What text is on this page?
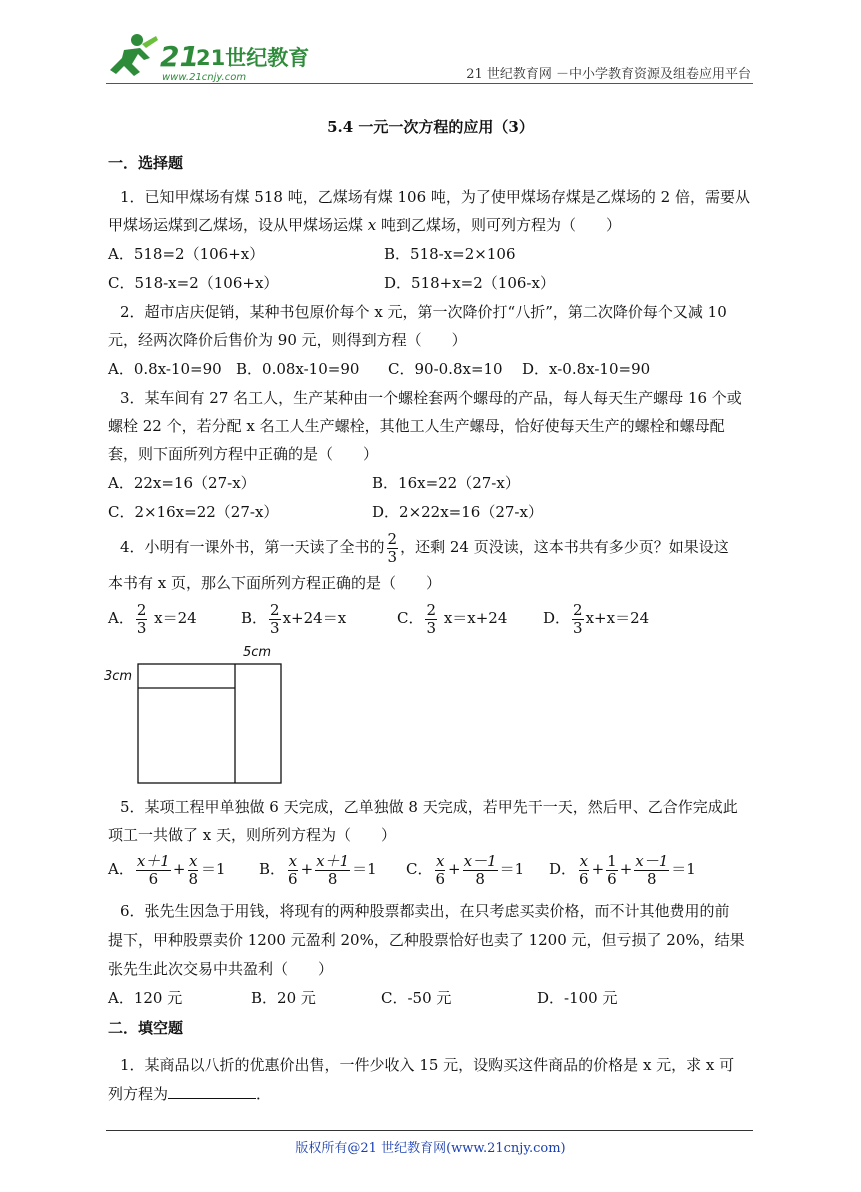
21
21世纪教育
www.21cnjy.com	21 世纪教育网 －中小学教育资源及组卷应用平台
5.4 一元一次方程的应用（3）
一．选择题
1．已知甲煤场有煤 518 吨，乙煤场有煤 106 吨，为了使甲煤场存煤是乙煤场的 2 倍，需要从
甲煤场运煤到乙煤场，设从甲煤场运煤 x 吨到乙煤场，则可列方程为（　　）
A．518=2（106+x）	B．518-x=2×106
C．518-x=2（106+x）	D．518+x=2（106-x）
2．超市店庆促销，某种书包原价每个 x 元，第一次降价打“八折”，第二次降价每个又减 10
元，经两次降价后售价为 90 元，则得到方程（　　）
A．0.8x-10=90 B．0.08x-10=90 C．90-0.8x=10 D．x-0.8x-10=90
3．某车间有 27 名工人，生产某种由一个螺栓套两个螺母的产品，每人每天生产螺母 16 个或
螺栓 22 个，若分配 x 名工人生产螺栓，其他工人生产螺母，恰好使每天生产的螺栓和螺母配
套，则下面所列方程中正确的是（　　）
A．22x=16（27-x）	B．16x=22（27-x）
C．2×16x=22（27-x）	D．2×22x=16（27-x）
4．小明有一课外书，第一天读了全书的 $\frac{2}{3}$ ，还剩 24 页没读，这本书共有多少页？如果设这
本书有 x 页，那么下面所列方程正确的是（　　）
A． $\frac{2}{3} x=24$	B． $\frac{2}{3} x+24=x$	C． $\frac{2}{3} x=x+24$ D． $\frac{2}{3} x+x=24$
5cm
3cm
5．某项工程甲单独做 6 天完成，乙单独做 8 天完成，若甲先干一天，然后甲、乙合作完成此
项工一共做了 x 天，则所列方程为（　　）
A． $\frac{x+1}{6} + \frac{x}{8} =1$ B． $\frac{x}{6} + \frac{x+1}{8} =1$ C． $\frac{x}{6} + \frac{x-1}{8} =1$ D． $\frac{x}{6} + \frac{1}{6} + \frac{x-1}{8} =1$
6．张先生因急于用钱，将现有的两种股票都卖出，在只考虑买卖价格，而不计其他费用的前
提下，甲种股票卖价 1200 元盈利 20%，乙种股票恰好也卖了 1200 元，但亏损了 20%，结果
张先生此次交易中共盈利（　　）
A．120 元	B．20 元	C．-50 元	D．-100 元
二．填空题
1．某商品以八折的优惠价出售，一件少收入 15 元，设购买这件商品的价格是 x 元，求 x 可
列方程为	．
版权所有@21 世纪教育网(www.21cnjy.com)
